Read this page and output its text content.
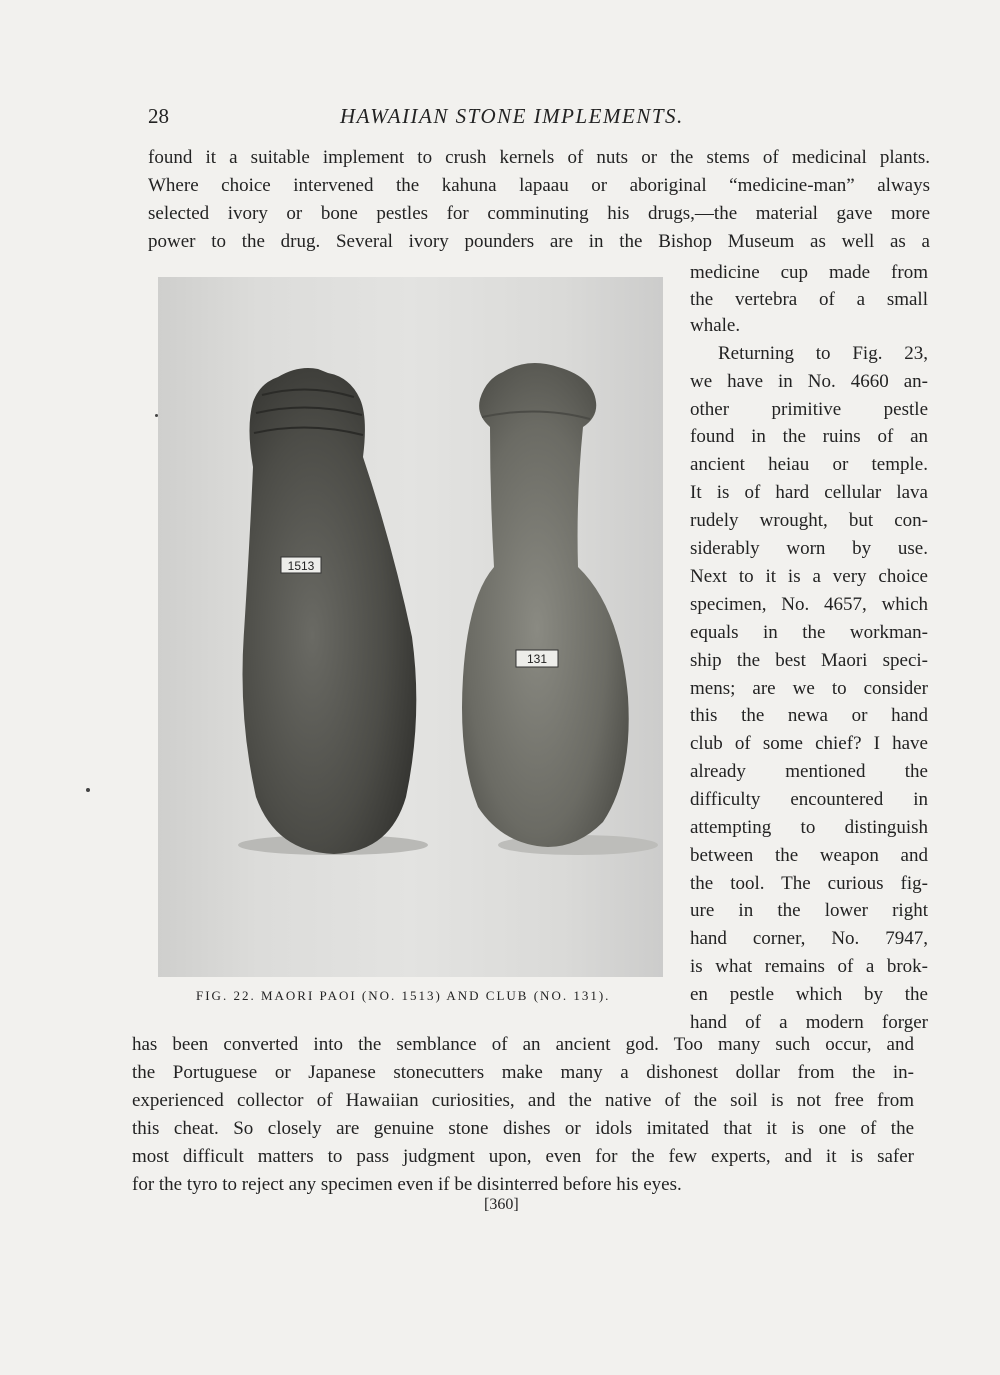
28	HAWAIIAN STONE IMPLEMENTS.
found it a suitable implement to crush kernels of nuts or the stems of medicinal plants.
Where choice intervened the kahuna lapaau or aboriginal “medicine-man” always
selected ivory or bone pestles for comminuting his drugs,—the material gave more
power to the drug. Several ivory pounders are in the Bishop Museum as well as a
1513
131
FIG. 22. MAORI PAOI (NO. 1513) AND CLUB (NO. 131).
medicine cup made from
the vertebra of a small
whale.
Returning to Fig. 23,
we have in No. 4660 an-
other primitive pestle
found in the ruins of an
ancient heiau or temple.
It is of hard cellular lava
rudely wrought, but con-
siderably worn by use.
Next to it is a very choice
specimen, No. 4657, which
equals in the workman-
ship the best Maori speci-
mens; are we to consider
this the newa or hand
club of some chief? I have
already mentioned the
difficulty encountered in
attempting to distinguish
between the weapon and
the tool. The curious fig-
ure in the lower right
hand corner, No. 7947,
is what remains of a brok-
en pestle which by the
hand of a modern forger
has been converted into the semblance of an ancient god. Too many such occur, and
the Portuguese or Japanese stonecutters make many a dishonest dollar from the in-
experienced collector of Hawaiian curiosities, and the native of the soil is not free from
this cheat. So closely are genuine stone dishes or idols imitated that it is one of the
most difficult matters to pass judgment upon, even for the few experts, and it is safer
for the tyro to reject any specimen even if be disinterred before his eyes.
[360]
